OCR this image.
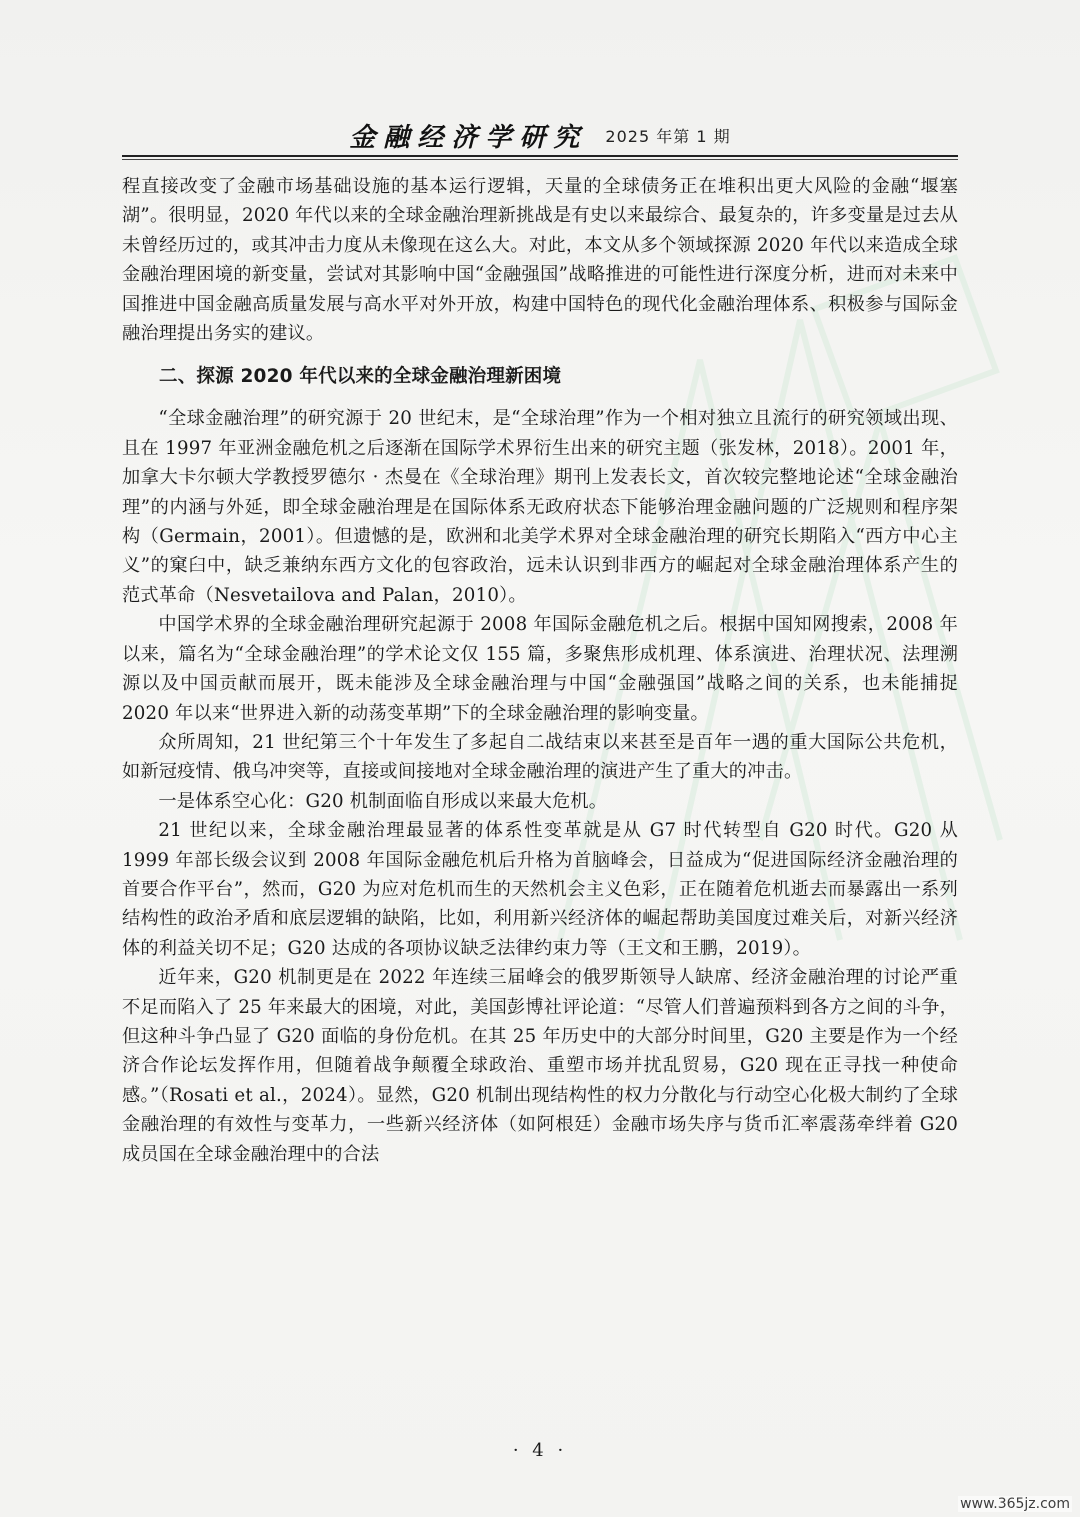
金融经济学研究 2025 年第 1 期

程直接改变了金融市场基础设施的基本运行逻辑，天量的全球债务正在堆积出更大风险的金融“堰塞湖”。很明显，2020 年代以来的全球金融治理新挑战是有史以来最综合、最复杂的，许多变量是过去从未曾经历过的，或其冲击力度从未像现在这么大。对此，本文从多个领域探源 2020 年代以来造成全球金融治理困境的新变量，尝试对其影响中国“金融强国”战略推进的可能性进行深度分析，进而对未来中国推进中国金融高质量发展与高水平对外开放，构建中国特色的现代化金融治理体系、积极参与国际金融治理提出务实的建议。

二、探源 2020 年代以来的全球金融治理新困境

“全球金融治理”的研究源于 20 世纪末，是“全球治理”作为一个相对独立且流行的研究领域出现、且在 1997 年亚洲金融危机之后逐渐在国际学术界衍生出来的研究主题（张发林，2018）。2001 年，加拿大卡尔顿大学教授罗德尔 · 杰曼在《全球治理》期刊上发表长文，首次较完整地论述“全球金融治理”的内涵与外延，即全球金融治理是在国际体系无政府状态下能够治理金融问题的广泛规则和程序架构（Germain，2001）。但遗憾的是，欧洲和北美学术界对全球金融治理的研究长期陷入“西方中心主义”的窠臼中，缺乏兼纳东西方文化的包容政治，远未认识到非西方的崛起对全球金融治理体系产生的范式革命（Nesvetailova and Palan，2010）。

中国学术界的全球金融治理研究起源于 2008 年国际金融危机之后。根据中国知网搜索，2008 年以来，篇名为“全球金融治理”的学术论文仅 155 篇，多聚焦形成机理、体系演进、治理状况、法理溯源以及中国贡献而展开，既未能涉及全球金融治理与中国“金融强国”战略之间的关系，也未能捕捉 2020 年以来“世界进入新的动荡变革期”下的全球金融治理的影响变量。

众所周知，21 世纪第三个十年发生了多起自二战结束以来甚至是百年一遇的重大国际公共危机，如新冠疫情、俄乌冲突等，直接或间接地对全球金融治理的演进产生了重大的冲击。

一是体系空心化：G20 机制面临自形成以来最大危机。

21 世纪以来，全球金融治理最显著的体系性变革就是从 G7 时代转型自 G20 时代。G20 从 1999 年部长级会议到 2008 年国际金融危机后升格为首脑峰会，日益成为“促进国际经济金融治理的首要合作平台”，然而，G20 为应对危机而生的天然机会主义色彩，正在随着危机逝去而暴露出一系列结构性的政治矛盾和底层逻辑的缺陷，比如，利用新兴经济体的崛起帮助美国度过难关后，对新兴经济体的利益关切不足；G20 达成的各项协议缺乏法律约束力等（王文和王鹏，2019）。

近年来，G20 机制更是在 2022 年连续三届峰会的俄罗斯领导人缺席、经济金融治理的讨论严重不足而陷入了 25 年来最大的困境，对此，美国彭博社评论道：“尽管人们普遍预料到各方之间的斗争，但这种斗争凸显了 G20 面临的身份危机。在其 25 年历史中的大部分时间里，G20 主要是作为一个经济合作论坛发挥作用，但随着战争颠覆全球政治、重塑市场并扰乱贸易，G20 现在正寻找一种使命感。”（Rosati et al.，2024）。显然，G20 机制出现结构性的权力分散化与行动空心化极大制约了全球金融治理的有效性与变革力，一些新兴经济体（如阿根廷）金融市场失序与货币汇率震荡牵绊着 G20 成员国在全球金融治理中的合法

· 4 ·
www.365jz.com
